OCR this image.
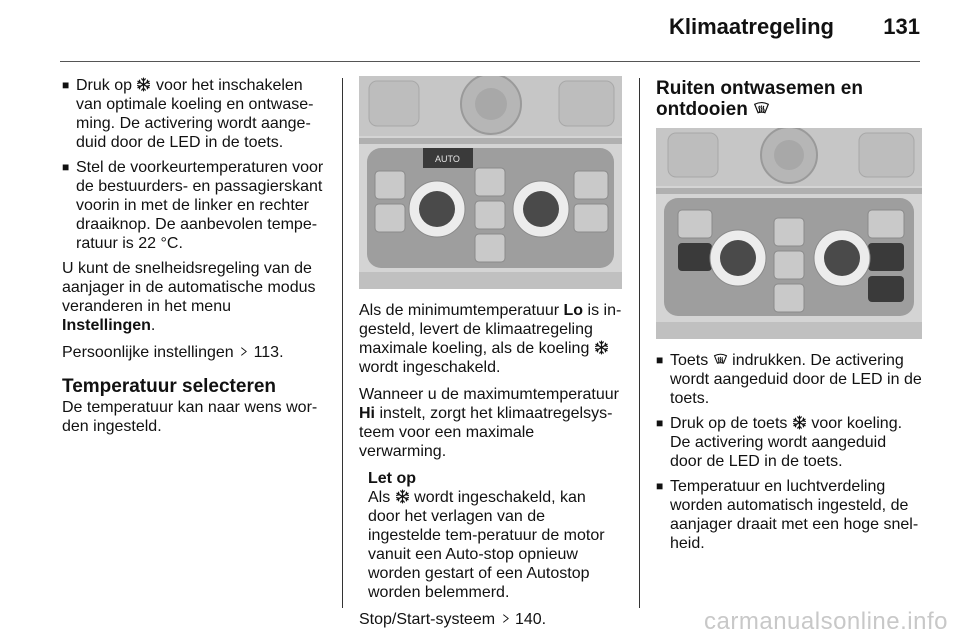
Klimaatregeling 131
■ Druk op voor het inschakelen van optimale koeling en ontwasе-ming. De activering wordt aange-duid door de LED in de toets.
■ Stel de voorkeurtemperaturen voor de bestuurders- en passagierskant voorin in met de linker en rechter draaiknop. De aanbevolen tempe-ratuur is 22 °C.

U kunt de snelheidsregeling van de aanjager in de automatische modus veranderen in het menu Instellingen.

Persoonlijke instellingen 113.

Temperatuur selecteren

De temperatuur kan naar wens wor-den ingesteld.

AUTO

Als de minimumtemperatuur Lo is in-gesteld, levert de klimaatregeling maximale koeling, als de koeling  wordt ingeschakeld.

Wanneer u de maximumtemperatuur Hi instelt, zorgt het klimaatregelsys-teem voor een maximale verwarming.

Let op
Als wordt ingeschakeld, kan door het verlagen van de ingestelde tem-peratuur de motor vanuit een Auto-stop opnieuw worden gestart of een Autostop worden belemmerd.

Stop/Start-systeem 140.

Ruiten ontwasemen en
ontdooien
■ Toets indrukken. De activering wordt aangeduid door de LED in de toets.
■ Druk op de toets voor koeling. De activering wordt aangeduid door de LED in de toets.
■ Temperatuur en luchtverdeling worden automatisch ingesteld, de aanjager draait met een hoge snel-heid.
carmanualsonline.info
